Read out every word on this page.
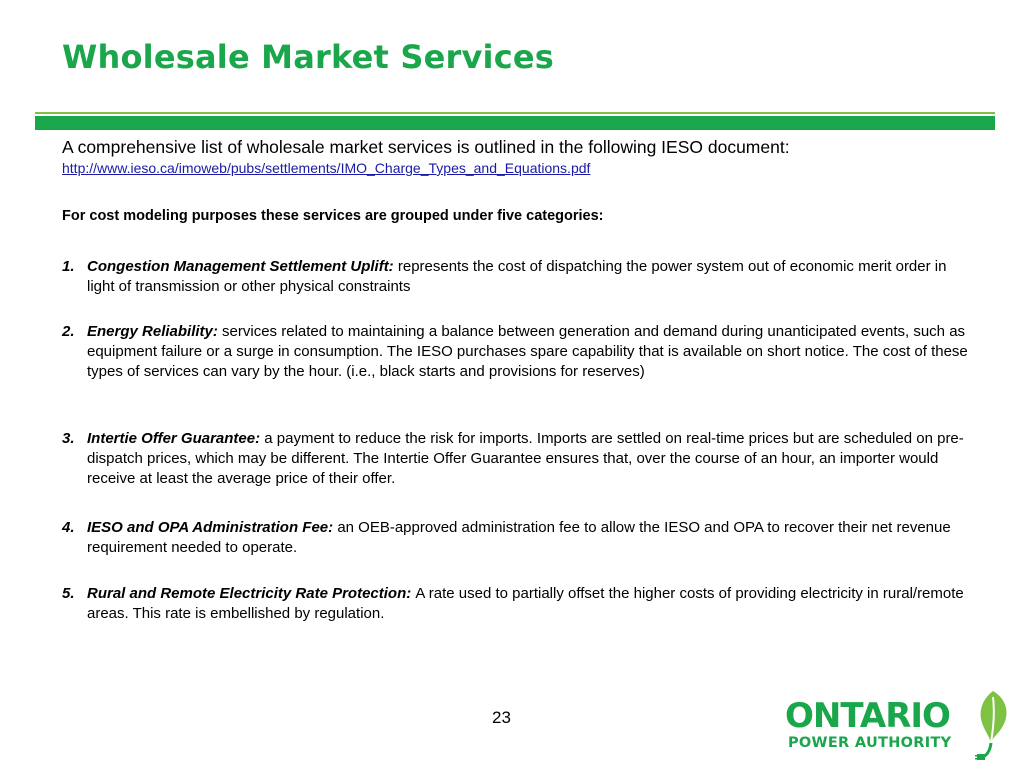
Wholesale Market Services
A comprehensive list of wholesale market services is outlined in the following IESO document:
http://www.ieso.ca/imoweb/pubs/settlements/IMO_Charge_Types_and_Equations.pdf
For cost modeling purposes these services are grouped under five categories:
1. Congestion Management Settlement Uplift: represents the cost of dispatching the power system out of economic merit order in light of transmission or other physical constraints
2. Energy Reliability: services related to maintaining a balance between generation and demand during unanticipated events, such as equipment failure or a surge in consumption. The IESO purchases spare capability that is available on short notice. The cost of these types of services can vary by the hour. (i.e., black starts and provisions for reserves)
3. Intertie Offer Guarantee: a payment to reduce the risk for imports. Imports are settled on real-time prices but are scheduled on pre-dispatch prices, which may be different. The Intertie Offer Guarantee ensures that, over the course of an hour, an importer would receive at least the average price of their offer.
4. IESO and OPA Administration Fee: an OEB-approved administration fee to allow the IESO and OPA to recover their net revenue requirement needed to operate.
5. Rural and Remote Electricity Rate Protection: A rate used to partially offset the higher costs of providing electricity in rural/remote areas. This rate is embellished by regulation.
23	ONTARIO
POWER AUTHORITY
